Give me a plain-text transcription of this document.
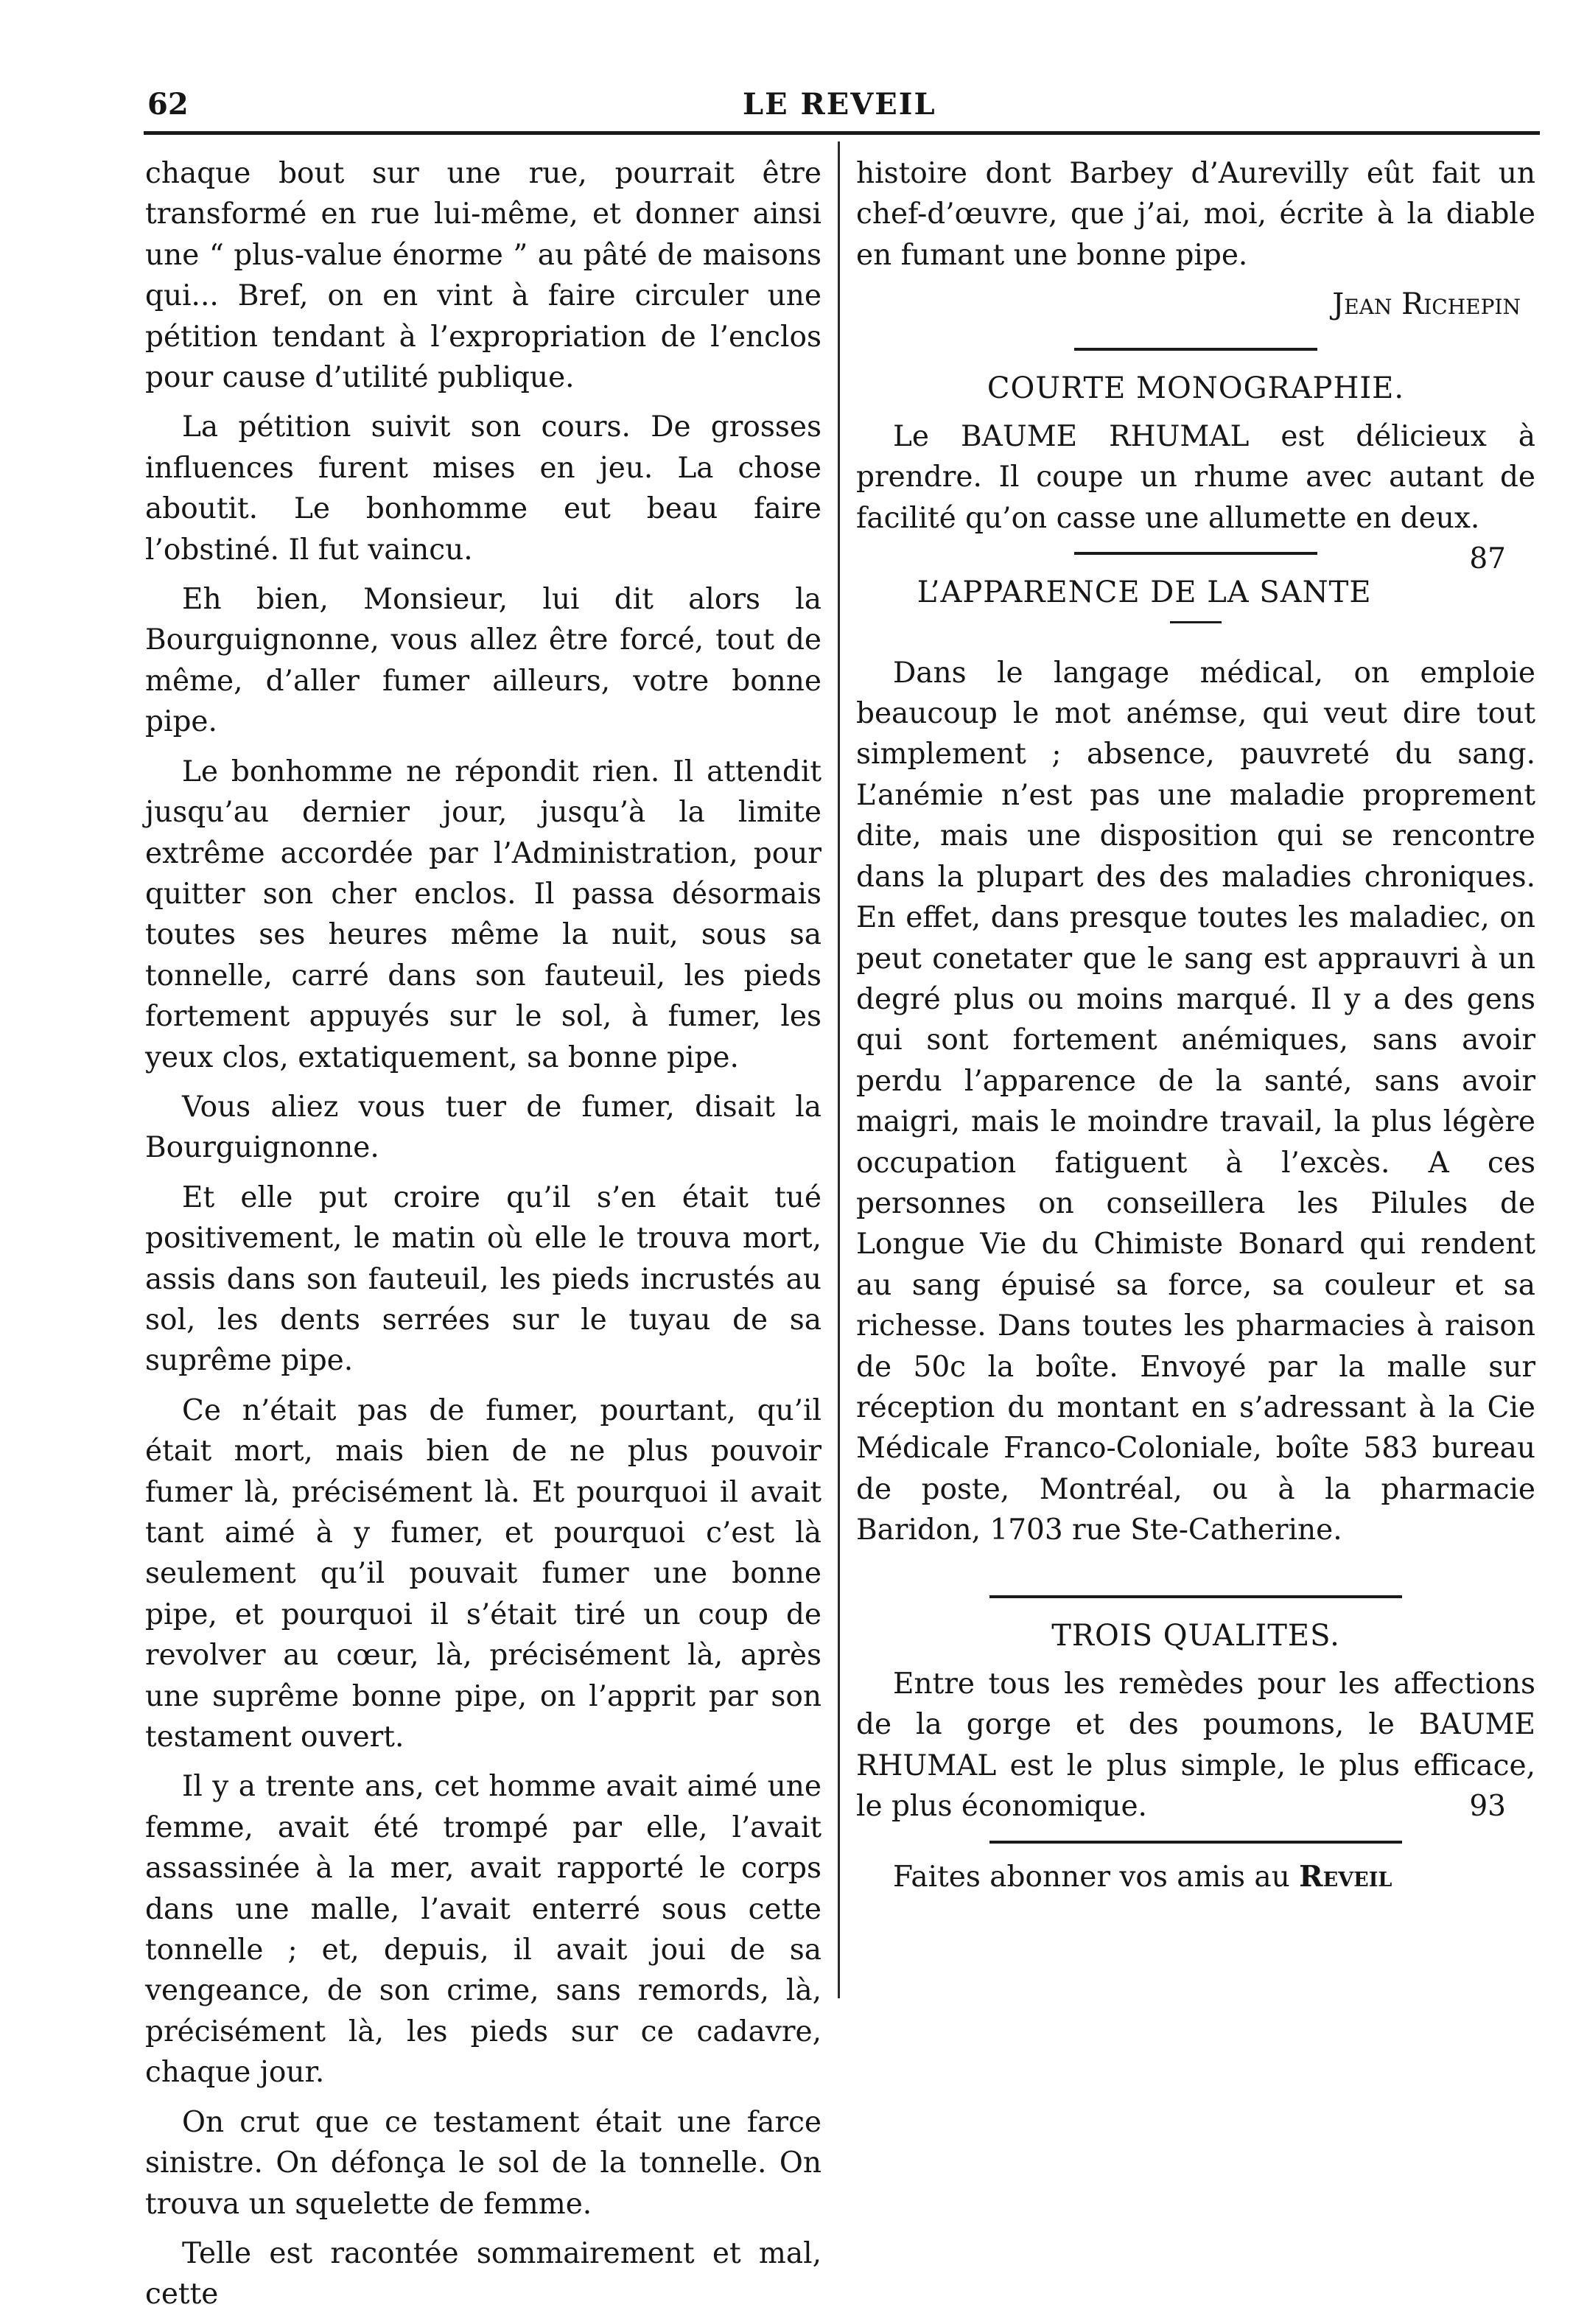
62	LE REVEIL

chaque bout sur une rue, pourrait être transformé en rue lui-même, et donner ainsi une “ plus-value énorme ” au pâté de maisons qui... Bref, on en vint à faire circuler une pétition tendant à l’expropriation de l’enclos pour cause d’utilité publique.

La pétition suivit son cours. De grosses influences furent mises en jeu. La chose aboutit. Le bonhomme eut beau faire l’obstiné. Il fut vaincu.

Eh bien, Monsieur, lui dit alors la Bourguignonne, vous allez être forcé, tout de même, d’aller fumer ailleurs, votre bonne pipe.

Le bonhomme ne répondit rien. Il attendit jusqu’au dernier jour, jusqu’à la limite extrême accordée par l’Administration, pour quitter son cher enclos. Il passa désormais toutes ses heures même la nuit, sous sa tonnelle, carré dans son fauteuil, les pieds fortement appuyés sur le sol, à fumer, les yeux clos, extatiquement, sa bonne pipe.

Vous aliez vous tuer de fumer, disait la Bourguignonne.

Et elle put croire qu’il s’en était tué positivement, le matin où elle le trouva mort, assis dans son fauteuil, les pieds incrustés au sol, les dents serrées sur le tuyau de sa suprême pipe.

Ce n’était pas de fumer, pourtant, qu’il était mort, mais bien de ne plus pouvoir fumer là, précisément là. Et pourquoi il avait tant aimé à y fumer, et pourquoi c’est là seulement qu’il pouvait fumer une bonne pipe, et pourquoi il s’était tiré un coup de revolver au cœur, là, précisément là, après une suprême bonne pipe, on l’apprit par son testament ouvert.

Il y a trente ans, cet homme avait aimé une femme, avait été trompé par elle, l’avait assassinée à la mer, avait rapporté le corps dans une malle, l’avait enterré sous cette tonnelle ; et, depuis, il avait joui de sa vengeance, de son crime, sans remords, là, précisément là, les pieds sur ce cadavre, chaque jour.

On crut que ce testament était une farce sinistre. On défonça le sol de la tonnelle. On trouva un squelette de femme.

Telle est racontée sommairement et mal, cette

histoire dont Barbey d’Aurevilly eût fait un chef-d’œuvre, que j’ai, moi, écrite à la diable en fumant une bonne pipe.

Jean Richepin
COURTE MONOGRAPHIE.

Le BAUME RHUMAL est délicieux à prendre. Il coupe un rhume avec autant de facilité qu’on casse une allumette en deux.
87

L’APPARENCE DE LA SANTE

Dans le langage médical, on emploie beaucoup le mot anémse, qui veut dire tout simplement ; absence, pauvreté du sang. L’anémie n’est pas une maladie proprement dite, mais une disposition qui se rencontre dans la plupart des des maladies chroniques. En effet, dans presque toutes les maladiec, on peut conetater que le sang est apprauvri à un degré plus ou moins marqué. Il y a des gens qui sont fortement anémiques, sans avoir perdu l’apparence de la santé, sans avoir maigri, mais le moindre travail, la plus légère occupation fatiguent à l’excès. A ces personnes on conseillera les Pilules de Longue Vie du Chimiste Bonard qui rendent au sang épuisé sa force, sa couleur et sa richesse. Dans toutes les pharmacies à raison de 50c la boîte. Envoyé par la malle sur réception du montant en s’adressant à la Cie Médicale Franco-Coloniale, boîte 583 bureau de poste, Montréal, ou à la pharmacie Baridon, 1703 rue Ste-Catherine.

TROIS QUALITES.

Entre tous les remèdes pour les affections de la gorge et des poumons, le BAUME RHUMAL est le plus simple, le plus efficace, le plus économique.	93

Faites abonner vos amis au Reveil
